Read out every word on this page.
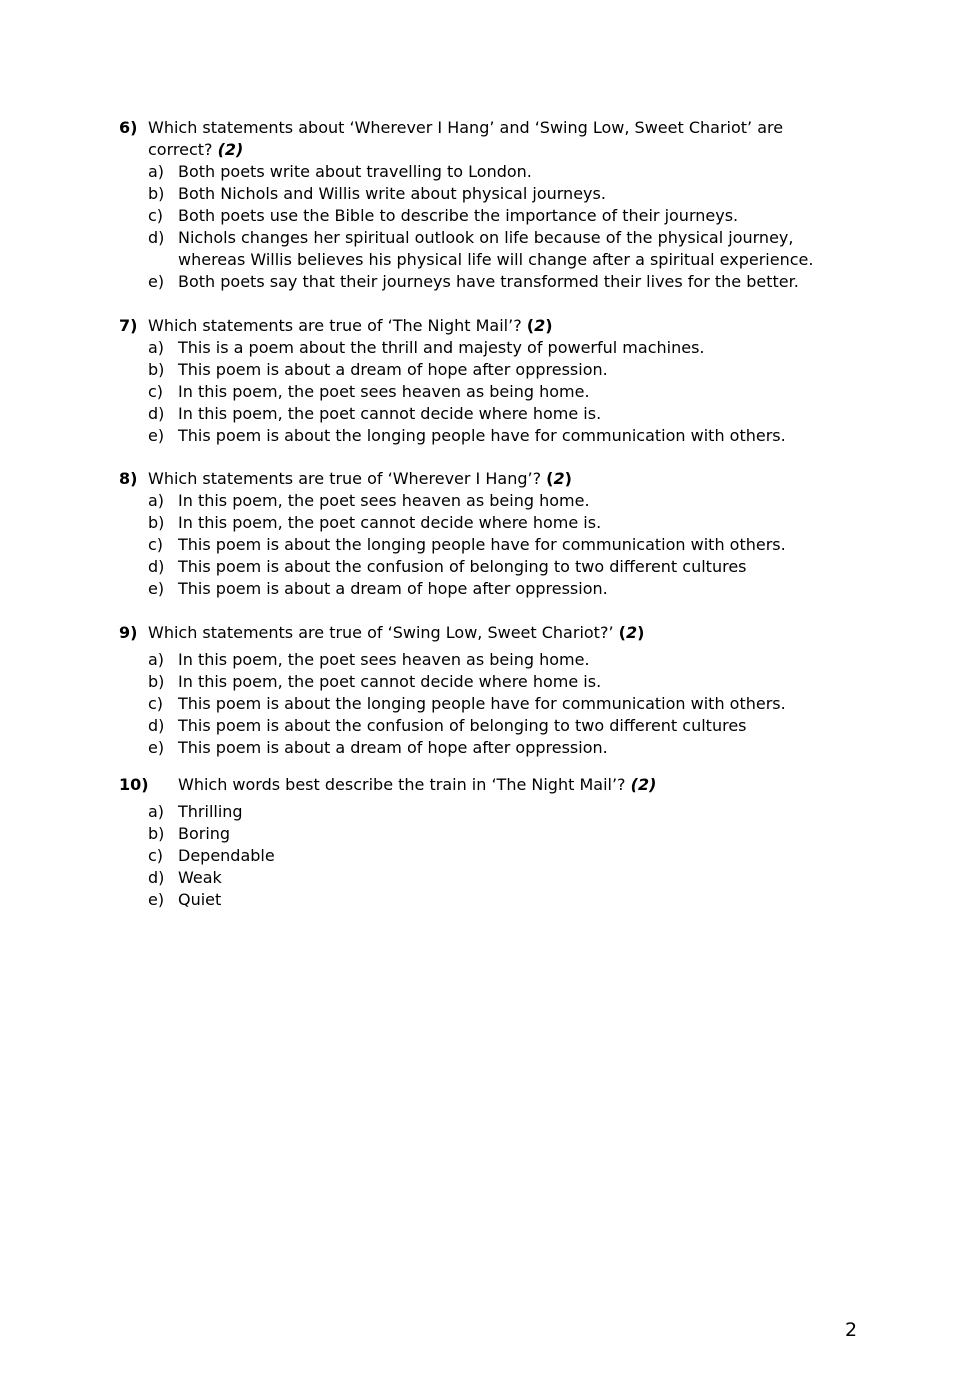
6) Which statements about ‘Wherever I Hang’ and ‘Swing Low, Sweet Chariot’ are correct? (2)
a) Both poets write about travelling to London.
b) Both Nichols and Willis write about physical journeys.
c) Both poets use the Bible to describe the importance of their journeys.
d) Nichols changes her spiritual outlook on life because of the physical journey, whereas Willis believes his physical life will change after a spiritual experience.
e) Both poets say that their journeys have transformed their lives for the better.
7) Which statements are true of ‘The Night Mail’? (2)
a) This is a poem about the thrill and majesty of powerful machines.
b) This poem is about a dream of hope after oppression.
c) In this poem, the poet sees heaven as being home.
d) In this poem, the poet cannot decide where home is.
e) This poem is about the longing people have for communication with others.
8) Which statements are true of ‘Wherever I Hang’? (2)
a) In this poem, the poet sees heaven as being home.
b) In this poem, the poet cannot decide where home is.
c) This poem is about the longing people have for communication with others.
d) This poem is about the confusion of belonging to two different cultures
e) This poem is about a dream of hope after oppression.
9) Which statements are true of ‘Swing Low, Sweet Chariot?’ (2)
a) In this poem, the poet sees heaven as being home.
b) In this poem, the poet cannot decide where home is.
c) This poem is about the longing people have for communication with others.
d) This poem is about the confusion of belonging to two different cultures
e) This poem is about a dream of hope after oppression.
10)	Which words best describe the train in ‘The Night Mail’? (2)
a) Thrilling
b) Boring
c) Dependable
d) Weak
e) Quiet
2
